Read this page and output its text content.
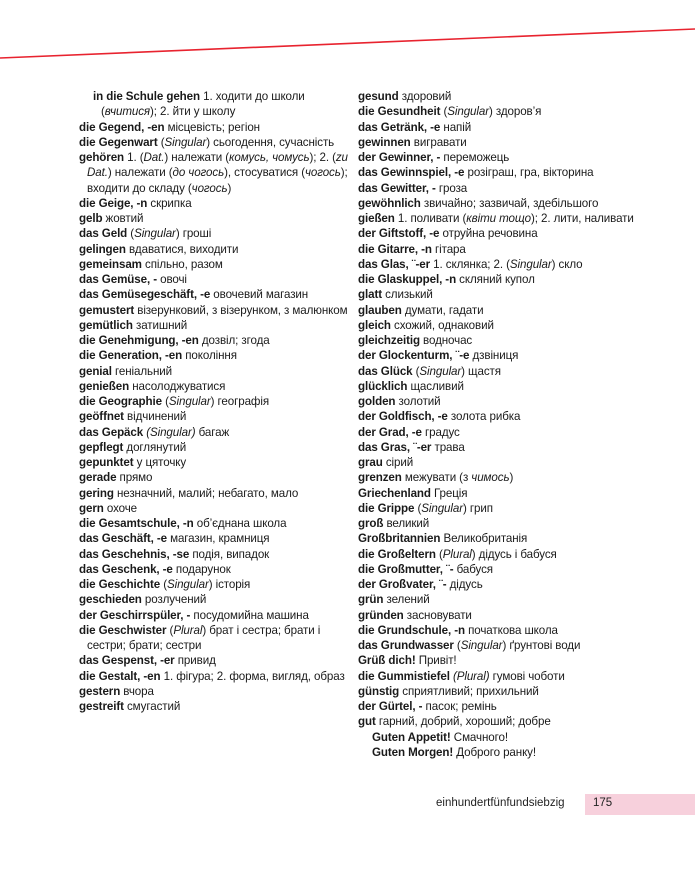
in die Schule gehen 1. ходити до школи (вчитися); 2. йти у школу
die Gegend, -en місцевість; регіон
die Gegenwart (Singular) сьогодення, сучасність
gehören 1. (Dat.) належати (комусь, чомусь); 2. (zu Dat.) належати (до чогось), стосуватися (чогось); входити до складу (чогось)
die Geige, -n скрипка
gelb жовтий
das Geld (Singular) гроші
gelingen вдаватися, виходити
gemeinsam спільно, разом
das Gemüse, - овочі
das Gemüsegeschäft, -e овочевий магазин
gemustert візерунковий, з візерунком, з малюнком
gemütlich затишний
die Genehmigung, -en дозвіл; згода
die Generation, -en покоління
genial геніальний
genießen насолоджуватися
die Geographie (Singular) географія
geöffnet відчинений
das Gepäck (Singular) багаж
gepflegt доглянутий
gepunktet у цяточку
gerade прямо
gering незначний, малий; небагато, мало
gern охоче
die Gesamtschule, -n об’єднана школа
das Geschäft, -e магазин, крамниця
das Geschehnis, -se подія, випадок
das Geschenk, -e подарунок
die Geschichte (Singular) історія
geschieden розлучений
der Geschirrspüler, - посудомийна машина
die Geschwister (Plural) брат і сестра; брати і сестри; брати; сестри
das Gespenst, -er привид
die Gestalt, -en 1. фігура; 2. форма, вигляд, образ
gestern вчора
gestreift смугастий
gesund здоровий
die Gesundheit (Singular) здоров’я
das Getränk, -e напій
gewinnen вигравати
der Gewinner, - переможець
das Gewinnspiel, -e розіграш, гра, вікторина
das Gewitter, - гроза
gewöhnlich звичайно; зазвичай, здебільшого
gießen 1. поливати (квіти тощо); 2. лити, наливати
der Giftstoff, -e отруйна речовина
die Gitarre, -n гітара
das Glas, ¨-er 1. склянка; 2. (Singular) скло
die Glaskuppel, -n скляний купол
glatt слизький
glauben думати, гадати
gleich схожий, однаковий
gleichzeitig водночас
der Glockenturm, ¨-e дзвіниця
das Glück (Singular) щастя
glücklich щасливий
golden золотий
der Goldfisch, -e золота рибка
der Grad, -e градус
das Gras, ¨-er трава
grau сірий
grenzen межувати (з чимось)
Griechenland Греція
die Grippe (Singular) грип
groß великий
Großbritannien Великобританія
die Großeltern (Plural) дідусь і бабуся
die Großmutter, ¨- бабуся
der Großvater, ¨- дідусь
grün зелений
gründen засновувати
die Grundschule, -n початкова школа
das Grundwasser (Singular) ґрунтові води
Grüß dich! Привіт!
die Gummistiefel (Plural) гумові чоботи
günstig сприятливий; прихильний
der Gürtel, - пасок; ремінь
gut гарний, добрий, хороший; добре
Guten Appetit! Смачного!
Guten Morgen! Доброго ранку!
einhundertfünfundsiebzig 175
